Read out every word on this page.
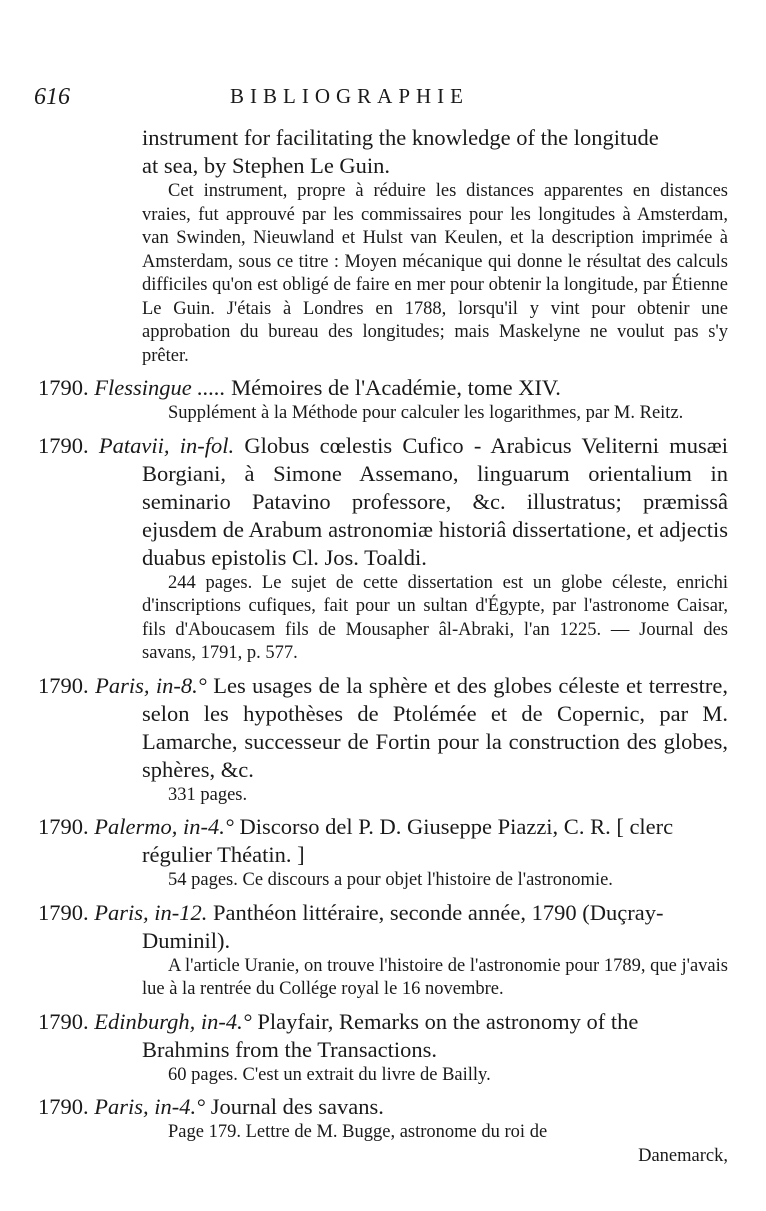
616	BIBLIOGRAPHIE

instrument for facilitating the knowledge of the longitude
at sea, by Stephen Le Guin.

Cet instrument, propre à réduire les distances apparentes en distances vraies, fut approuvé par les commissaires pour les longitudes à Amsterdam, van Swinden, Nieuwland et Hulst van Keulen, et la description imprimée à Amsterdam, sous ce titre : Moyen mécanique qui donne le résultat des calculs difficiles qu'on est obligé de faire en mer pour obtenir la longitude, par Étienne Le Guin. J'étais à Londres en 1788, lorsqu'il y vint pour obtenir une approbation du bureau des longitudes; mais Maskelyne ne voulut pas s'y prêter.

1790. Flessingue ..... Mémoires de l'Académie, tome XIV.

Supplément à la Méthode pour calculer les logarithmes, par M. Reitz.

1790. Patavii, in-fol. Globus cœlestis Cufico - Arabicus Veliterni musæi Borgiani, à Simone Assemano, linguarum orientalium in seminario Patavino professore, &c. illustratus; præmissâ ejusdem de Arabum astronomiæ historiâ dissertatione, et adjectis duabus epistolis Cl. Jos. Toaldi.

244 pages. Le sujet de cette dissertation est un globe céleste, enrichi d'inscriptions cufiques, fait pour un sultan d'Égypte, par l'astronome Caisar, fils d'Aboucasem fils de Mousapher âl-Abraki, l'an 1225. — Journal des savans, 1791, p. 577.

1790. Paris, in-8.° Les usages de la sphère et des globes céleste et terrestre, selon les hypothèses de Ptolémée et de Copernic, par M. Lamarche, successeur de Fortin pour la construction des globes, sphères, &c.

331 pages.

1790. Palermo, in-4.° Discorso del P. D. Giuseppe Piazzi, C. R. [ clerc régulier Théatin. ]

54 pages. Ce discours a pour objet l'histoire de l'astronomie.

1790. Paris, in-12. Panthéon littéraire, seconde année, 1790 (Duçray-Duminil).

A l'article Uranie, on trouve l'histoire de l'astronomie pour 1789, que j'avais lue à la rentrée du Collége royal le 16 novembre.

1790. Edinburgh, in-4.° Playfair, Remarks on the astronomy of the Brahmins from the Transactions.

60 pages. C'est un extrait du livre de Bailly.

1790. Paris, in-4.° Journal des savans.

Page 179. Lettre de M. Bugge, astronome du roi de

Danemarck,
